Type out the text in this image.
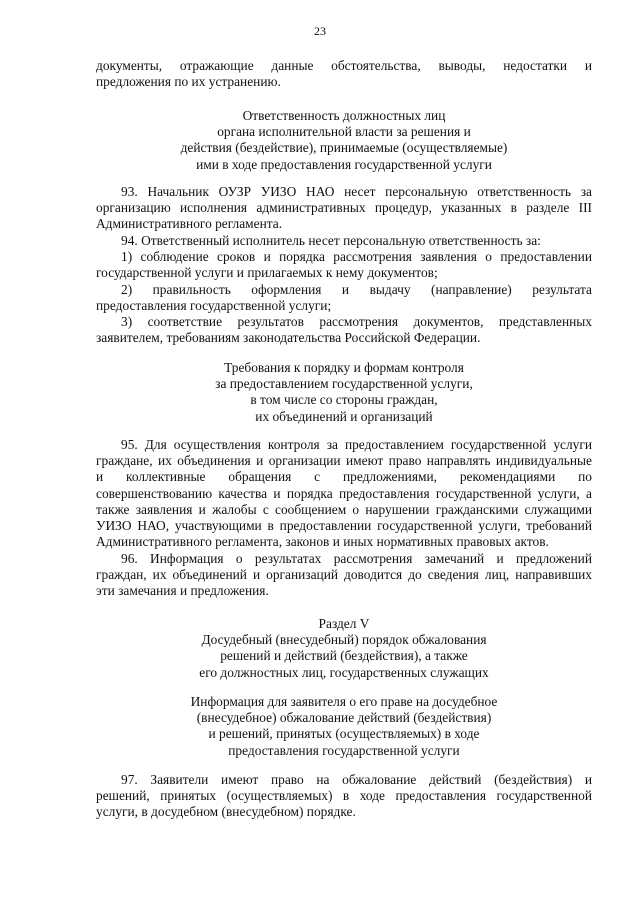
23

документы, отражающие данные обстоятельства, выводы, недостатки и

предложения по их устранению.

Ответственность должностных лиц
органа исполнительной власти за решения и
действия (бездействие), принимаемые (осуществляемые)
ими в ходе предоставления государственной услуги

93. Начальник ОУЗР УИЗО НАО несет персональную ответственность за

организацию исполнения административных процедур, указанных в разделе III

Административного регламента.

94. Ответственный исполнитель несет персональную ответственность за:

1) соблюдение сроков и порядка рассмотрения заявления о предоставлении

государственной услуги и прилагаемых к нему документов;

2) правильность оформления и выдачу (направление) результата

предоставления государственной услуги;

3) соответствие результатов рассмотрения документов, представленных

заявителем, требованиям законодательства Российской Федерации.

Требования к порядку и формам контроля
за предоставлением государственной услуги,
в том числе со стороны граждан,
их объединений и организаций

95. Для осуществления контроля за предоставлением государственной услуги

граждане, их объединения и организации имеют право направлять индивидуальные

и коллективные обращения с предложениями, рекомендациями по

совершенствованию качества и порядка предоставления государственной услуги, а

также заявления и жалобы с сообщением о нарушении гражданскими служащими

УИЗО НАО, участвующими в предоставлении государственной услуги, требований

Административного регламента, законов и иных нормативных правовых актов.

96. Информация о результатах рассмотрения замечаний и предложений

граждан, их объединений и организаций доводится до сведения лиц, направивших

эти замечания и предложения.

Раздел V
Досудебный (внесудебный) порядок обжалования
решений и действий (бездействия), а также
его должностных лиц, государственных служащих
Информация для заявителя о его праве на досудебное
(внесудебное) обжалование действий (бездействия)
и решений, принятых (осуществляемых) в ходе
предоставления государственной услуги

97. Заявители имеют право на обжалование действий (бездействия) и

решений, принятых (осуществляемых) в ходе предоставления государственной

услуги, в досудебном (внесудебном) порядке.
